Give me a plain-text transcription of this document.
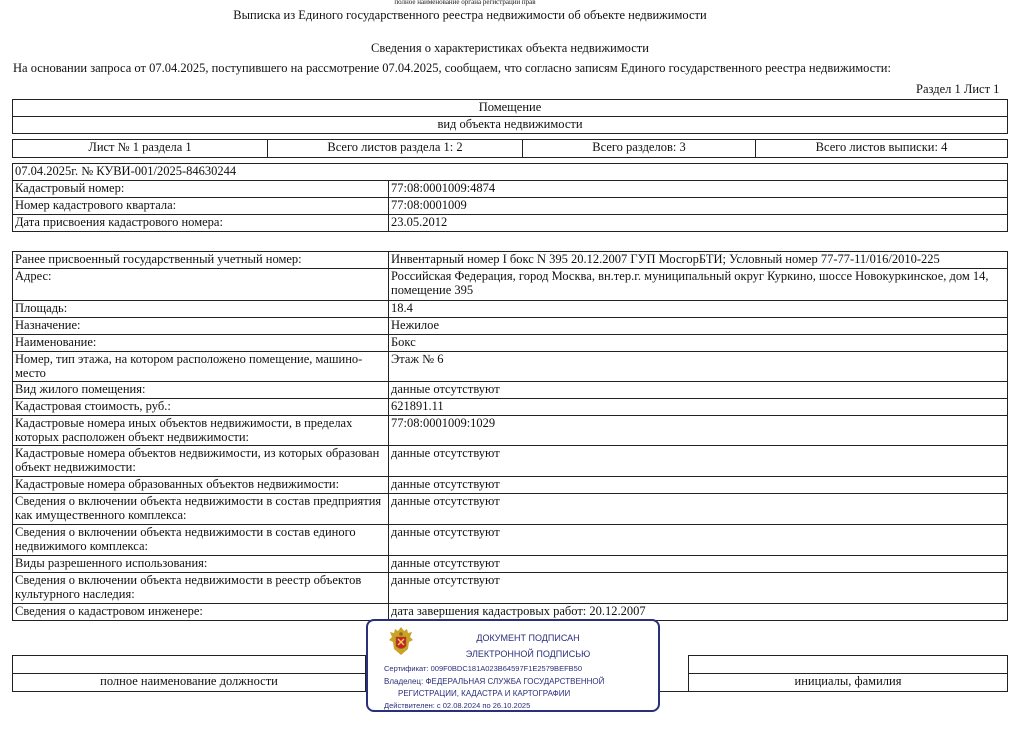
полное наименование органа регистрации прав
Выписка из Единого государственного реестра недвижимости об объекте недвижимости
Сведения о характеристиках объекта недвижимости
На основании запроса от 07.04.2025, поступившего на рассмотрение 07.04.2025, сообщаем, что согласно записям Единого государственного реестра недвижимости:
Раздел 1 Лист 1
Помещение
вид объекта недвижимости
Лист № 1 раздела 1	Всего листов раздела 1: 2	Всего разделов: 3	Всего листов выписки: 4
07.04.2025г. № КУВИ-001/2025-84630244	
Кадастровый номер:	77:08:0001009:4874
Номер кадастрового квартала:	77:08:0001009
Дата присвоения кадастрового номера:	23.05.2012
Ранее присвоенный государственный учетный номер:	Инвентарный номер I бокс N 395 20.12.2007 ГУП МосгорБТИ; Условный номер 77-77-11/016/2010-225
Адрес:	Российская Федерация, город Москва, вн.тер.г. муниципальный округ Куркино, шоссе Новокуркинское, дом 14, помещение 395
Площадь:	18.4
Назначение:	Нежилое
Наименование:	Бокс
Номер, тип этажа, на котором расположено помещение, машино-место	Этаж № 6
Вид жилого помещения:	данные отсутствуют
Кадастровая стоимость, руб.:	621891.11
Кадастровые номера иных объектов недвижимости, в пределах которых расположен объект недвижимости:	77:08:0001009:1029
Кадастровые номера объектов недвижимости, из которых образован объект недвижимости:	данные отсутствуют
Кадастровые номера образованных объектов недвижимости:	данные отсутствуют
Сведения о включении объекта недвижимости в состав предприятия как имущественного комплекса:	данные отсутствуют
Сведения о включении объекта недвижимости в состав единого недвижимого комплекса:	данные отсутствуют
Виды разрешенного использования:	данные отсутствуют
Сведения о включении объекта недвижимости в реестр объектов культурного наследия:	данные отсутствуют
Сведения о кадастровом инженере:	дата завершения кадастровых работ: 20.12.2007

полное наименование должности		инициалы, фамилия
ДОКУМЕНТ ПОДПИСАН
ЭЛЕКТРОННОЙ ПОДПИСЬЮ
Сертификат: 009F0BDC181A023B64597F1E2579BEFB50
Владелец: ФЕДЕРАЛЬНАЯ СЛУЖБА ГОСУДАРСТВЕННОЙ
РЕГИСТРАЦИИ, КАДАСТРА И КАРТОГРАФИИ
Действителен: с 02.08.2024 по 26.10.2025
